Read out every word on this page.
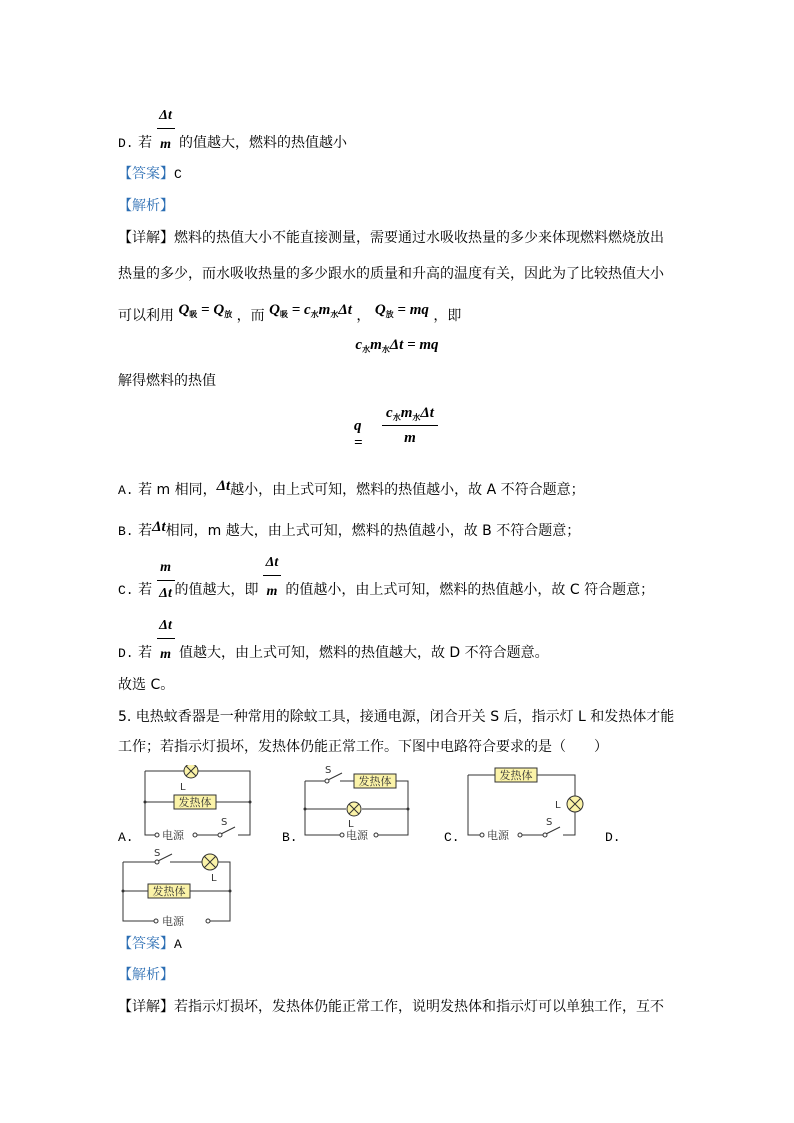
D. 若 $\frac{\Delta t}{m}$ 的值越大，燃料的热值越小
【答案】C
【解析】
【详解】燃料的热值大小不能直接测量，需要通过水吸收热量的多少来体现燃料燃烧放出
热量的多少，而水吸收热量的多少跟水的质量和升高的温度有关，因此为了比较热值大小
可以利用 $Q_吸 = Q_放$ ，而 $Q_吸 = c_水m_水\Delta t$ ， $Q_放$ = mq ，即
$c_水m_水\Delta t$ = mq
解得燃料的热值
q =
$c_水m_水\Delta t$
m
A. 若 m 相同，Δt越小，由上式可知，燃料的热值越小，故 A 不符合题意；
B. 若Δt相同，m 越大，由上式可知，燃料的热值越小，故 B 不符合题意；
C. 若 $\frac{m}{\Delta t}$ 的值越大，即 $\frac{\Delta t}{m}$ 的值越小，由上式可知，燃料的热值越小，故 C 符合题意；
D. 若 $\frac{\Delta t}{m}$ 值越大，由上式可知，燃料的热值越大，故 D 不符合题意。
故选 C。
5. 电热蚊香器是一种常用的除蚊工具，接通电源，闭合开关 S 后，指示灯 L 和发热体才能
工作；若指示灯损坏，发热体仍能正常工作。下图中电路符合要求的是（　　）
A.
发热体
L
电源
S
B.
发热体
L
电源
S
C.
发热体
L
电源
S
D.
发热体
L
电源
S
【答案】A
【解析】
【详解】若指示灯损坏，发热体仍能正常工作，说明发热体和指示灯可以单独工作，互不
